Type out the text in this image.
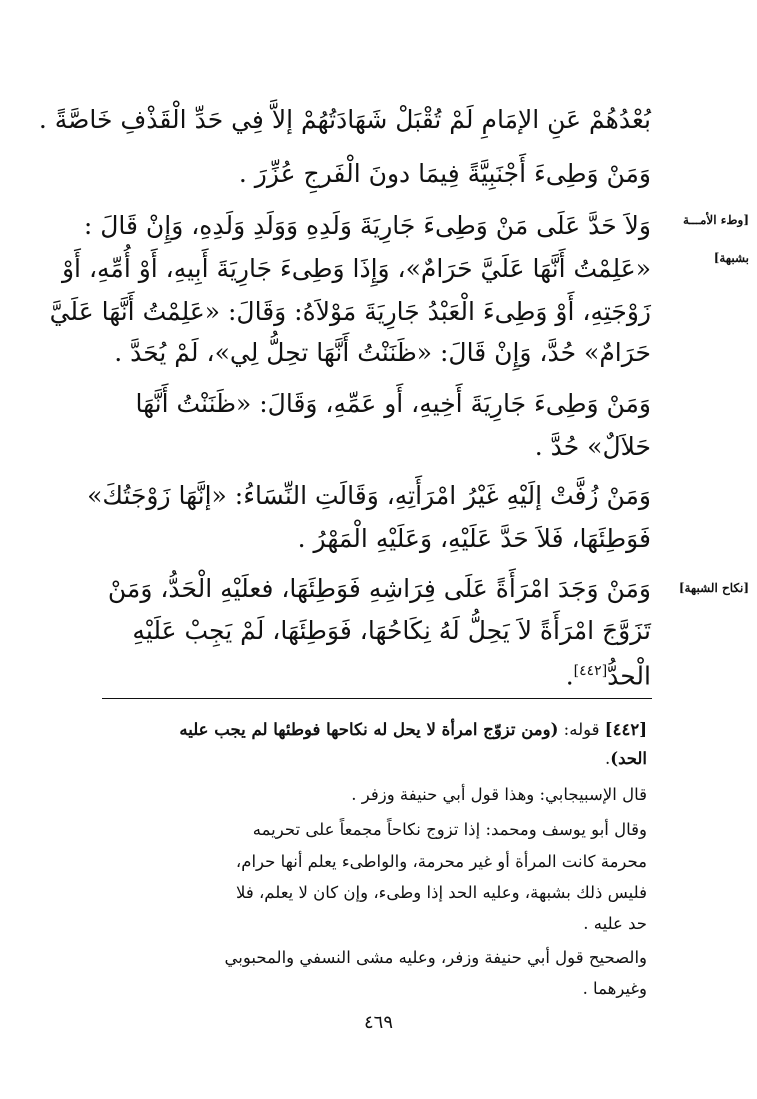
بُعْدُهُمْ عَنِ الإمَامِ لَمْ تُقْبَلْ شَهَادَتُهُمْ إلاَّ فِي حَدِّ الْقَذْفِ خَاصَّةً .
وَمَنْ وَطِىءَ أَجْنَبِيَّةً فِيمَا دونَ الْفَرجِ عُزِّرَ .
وَلاَ حَدَّ عَلَى مَنْ وَطِىءَ جَارِيَةَ وَلَدِهِ وَوَلَدِ وَلَدِهِ، وَإِنْ قَالَ :
«عَلِمْتُ أَنَّهَا عَلَيَّ حَرَامٌ»، وَإِذَا وَطِىءَ جَارِيَةَ أَبِيهِ، أَوْ أُمِّهِ، أَوْ
زَوْجَتِهِ، أَوْ وَطِىءَ الْعَبْدُ جَارِيَةَ مَوْلاَهُ: وَقَالَ: «عَلِمْتُ أَنَّهَا عَلَيَّ
حَرَامٌ» حُدَّ، وَإِنْ قَالَ: «ظَنَنْتُ أَنَّهَا تحِلُّ لِي»، لَمْ يُحَدَّ .
وَمَنْ وَطِىءَ جَارِيَةَ أَخِيهِ، أَو عَمِّهِ، وَقَالَ: «ظَنَنْتُ أَنَّهَا
حَلاَلٌ» حُدَّ .
وَمَنْ زُفَّتْ إلَيْهِ غَيْرُ امْرَأَتِهِ، وَقَالَتِ النِّسَاءُ: «إنَّهَا زَوْجَتُكَ»
فَوَطِئَهَا، فَلاَ حَدَّ عَلَيْهِ، وَعَلَيْهِ الْمَهْرُ .
وَمَنْ وَجَدَ امْرَأَةً عَلَى فِرَاشِهِ فَوَطِئَهَا، فعلَيْهِ الْحَدُّ، وَمَنْ
تَزَوَّجَ امْرَأَةً لاَ يَحِلُّ لَهُ نِكَاحُهَا، فَوَطِئَهَا، لَمْ يَجِبْ عَلَيْهِ
الْحدُّ[٤٤٢].
[وطء الأمـــة
بشبهة]
[نكاح الشبهة]
[٤٤٢] قوله: (ومن تزوّج امرأة لا يحل له نكاحها فوطئها لم يجب عليه
الحد).
قال الإسبيجابي: وهذا قول أبي حنيفة وزفر .
وقال أبو يوسف ومحمد: إذا تزوج نكاحاً مجمعاً على تحريمه
محرمة كانت المرأة أو غير محرمة، والواطىء يعلم أنها حرام،
فليس ذلك بشبهة، وعليه الحد إذا وطىء، وإن كان لا يعلم، فلا
حد عليه .
والصحيح قول أبي حنيفة وزفر، وعليه مشى النسفي والمحبوبي
وغيرهما .
٤٦٩
